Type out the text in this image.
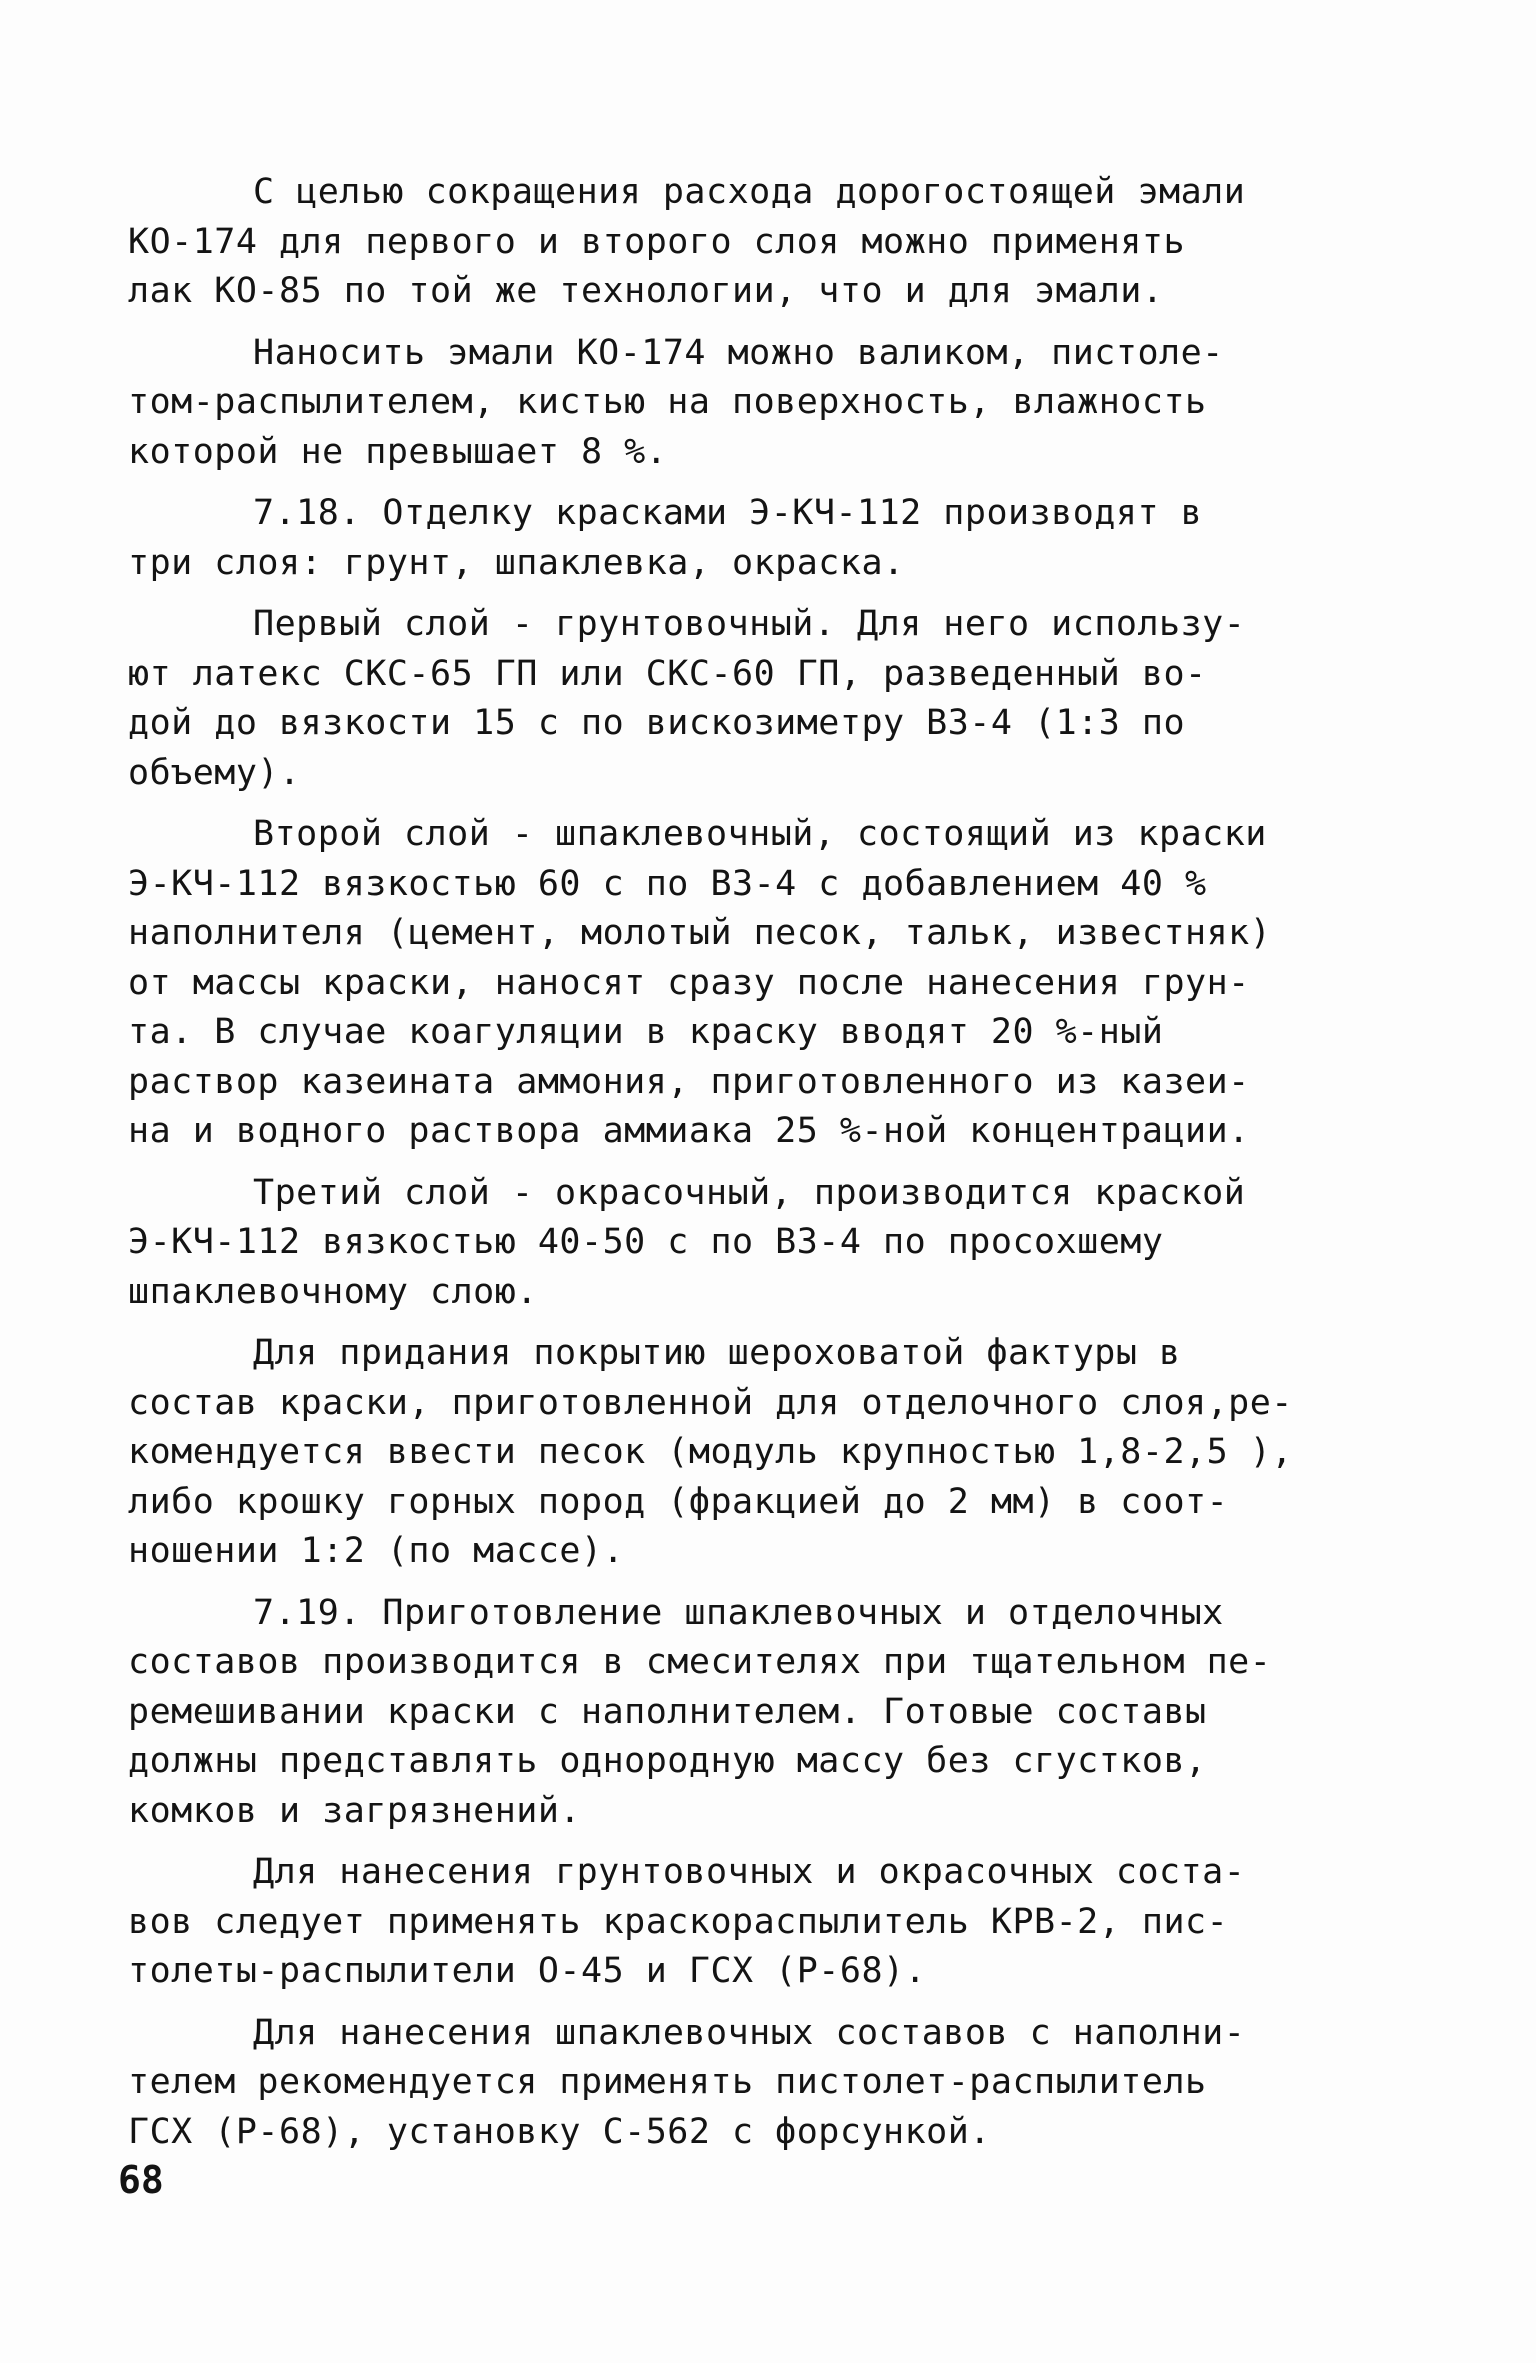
С целью сокращения расхода дорогостоящей эмали
КО-174 для первого и второго слоя можно применять
лак КО-85 по той же технологии, что и для эмали.
Наносить эмали КО-174 можно валиком, пистоле-
том-распылителем, кистью на поверхность, влажность
которой не превышает 8 %.
7.18. Отделку красками Э-КЧ-112 производят в
три слоя: грунт, шпаклевка, окраска.
Первый слой - грунтовочный. Для него использу-
ют латекс СКС-65 ГП или СКС-60 ГП, разведенный во-
дой до вязкости 15 с по вискозиметру ВЗ-4 (1:3 по
объему).
Второй слой - шпаклевочный, состоящий из краски
Э-КЧ-112 вязкостью 60 с по ВЗ-4 с добавлением 40 %
наполнителя (цемент, молотый песок, тальк, известняк)
от массы краски, наносят сразу после нанесения грун-
та. В случае коагуляции в краску вводят 20 %-ный
раствор казеината аммония, приготовленного из казеи-
на и водного раствора аммиака 25 %-ной концентрации.
Третий слой - окрасочный, производится краской
Э-КЧ-112 вязкостью 40-50 с по ВЗ-4 по просохшему
шпаклевочному слою.
Для придания покрытию шероховатой фактуры в
состав краски, приготовленной для отделочного слоя,ре-
комендуется ввести песок (модуль крупностью 1,8-2,5 ),
либо крошку горных пород (фракцией до 2 мм) в соот-
ношении 1:2 (по массе).
7.19. Приготовление шпаклевочных и отделочных
составов производится в смесителях при тщательном пе-
ремешивании краски с наполнителем. Готовые составы
должны представлять однородную массу без сгустков,
комков и загрязнений.
Для нанесения грунтовочных и окрасочных соста-
вов следует применять краскораспылитель КРВ-2, пис-
толеты-распылители О-45 и ГСХ (Р-68).
Для нанесения шпаклевочных составов с наполни-
телем рекомендуется применять пистолет-распылитель
ГСХ (Р-68), установку С-562 с форсункой.
68
